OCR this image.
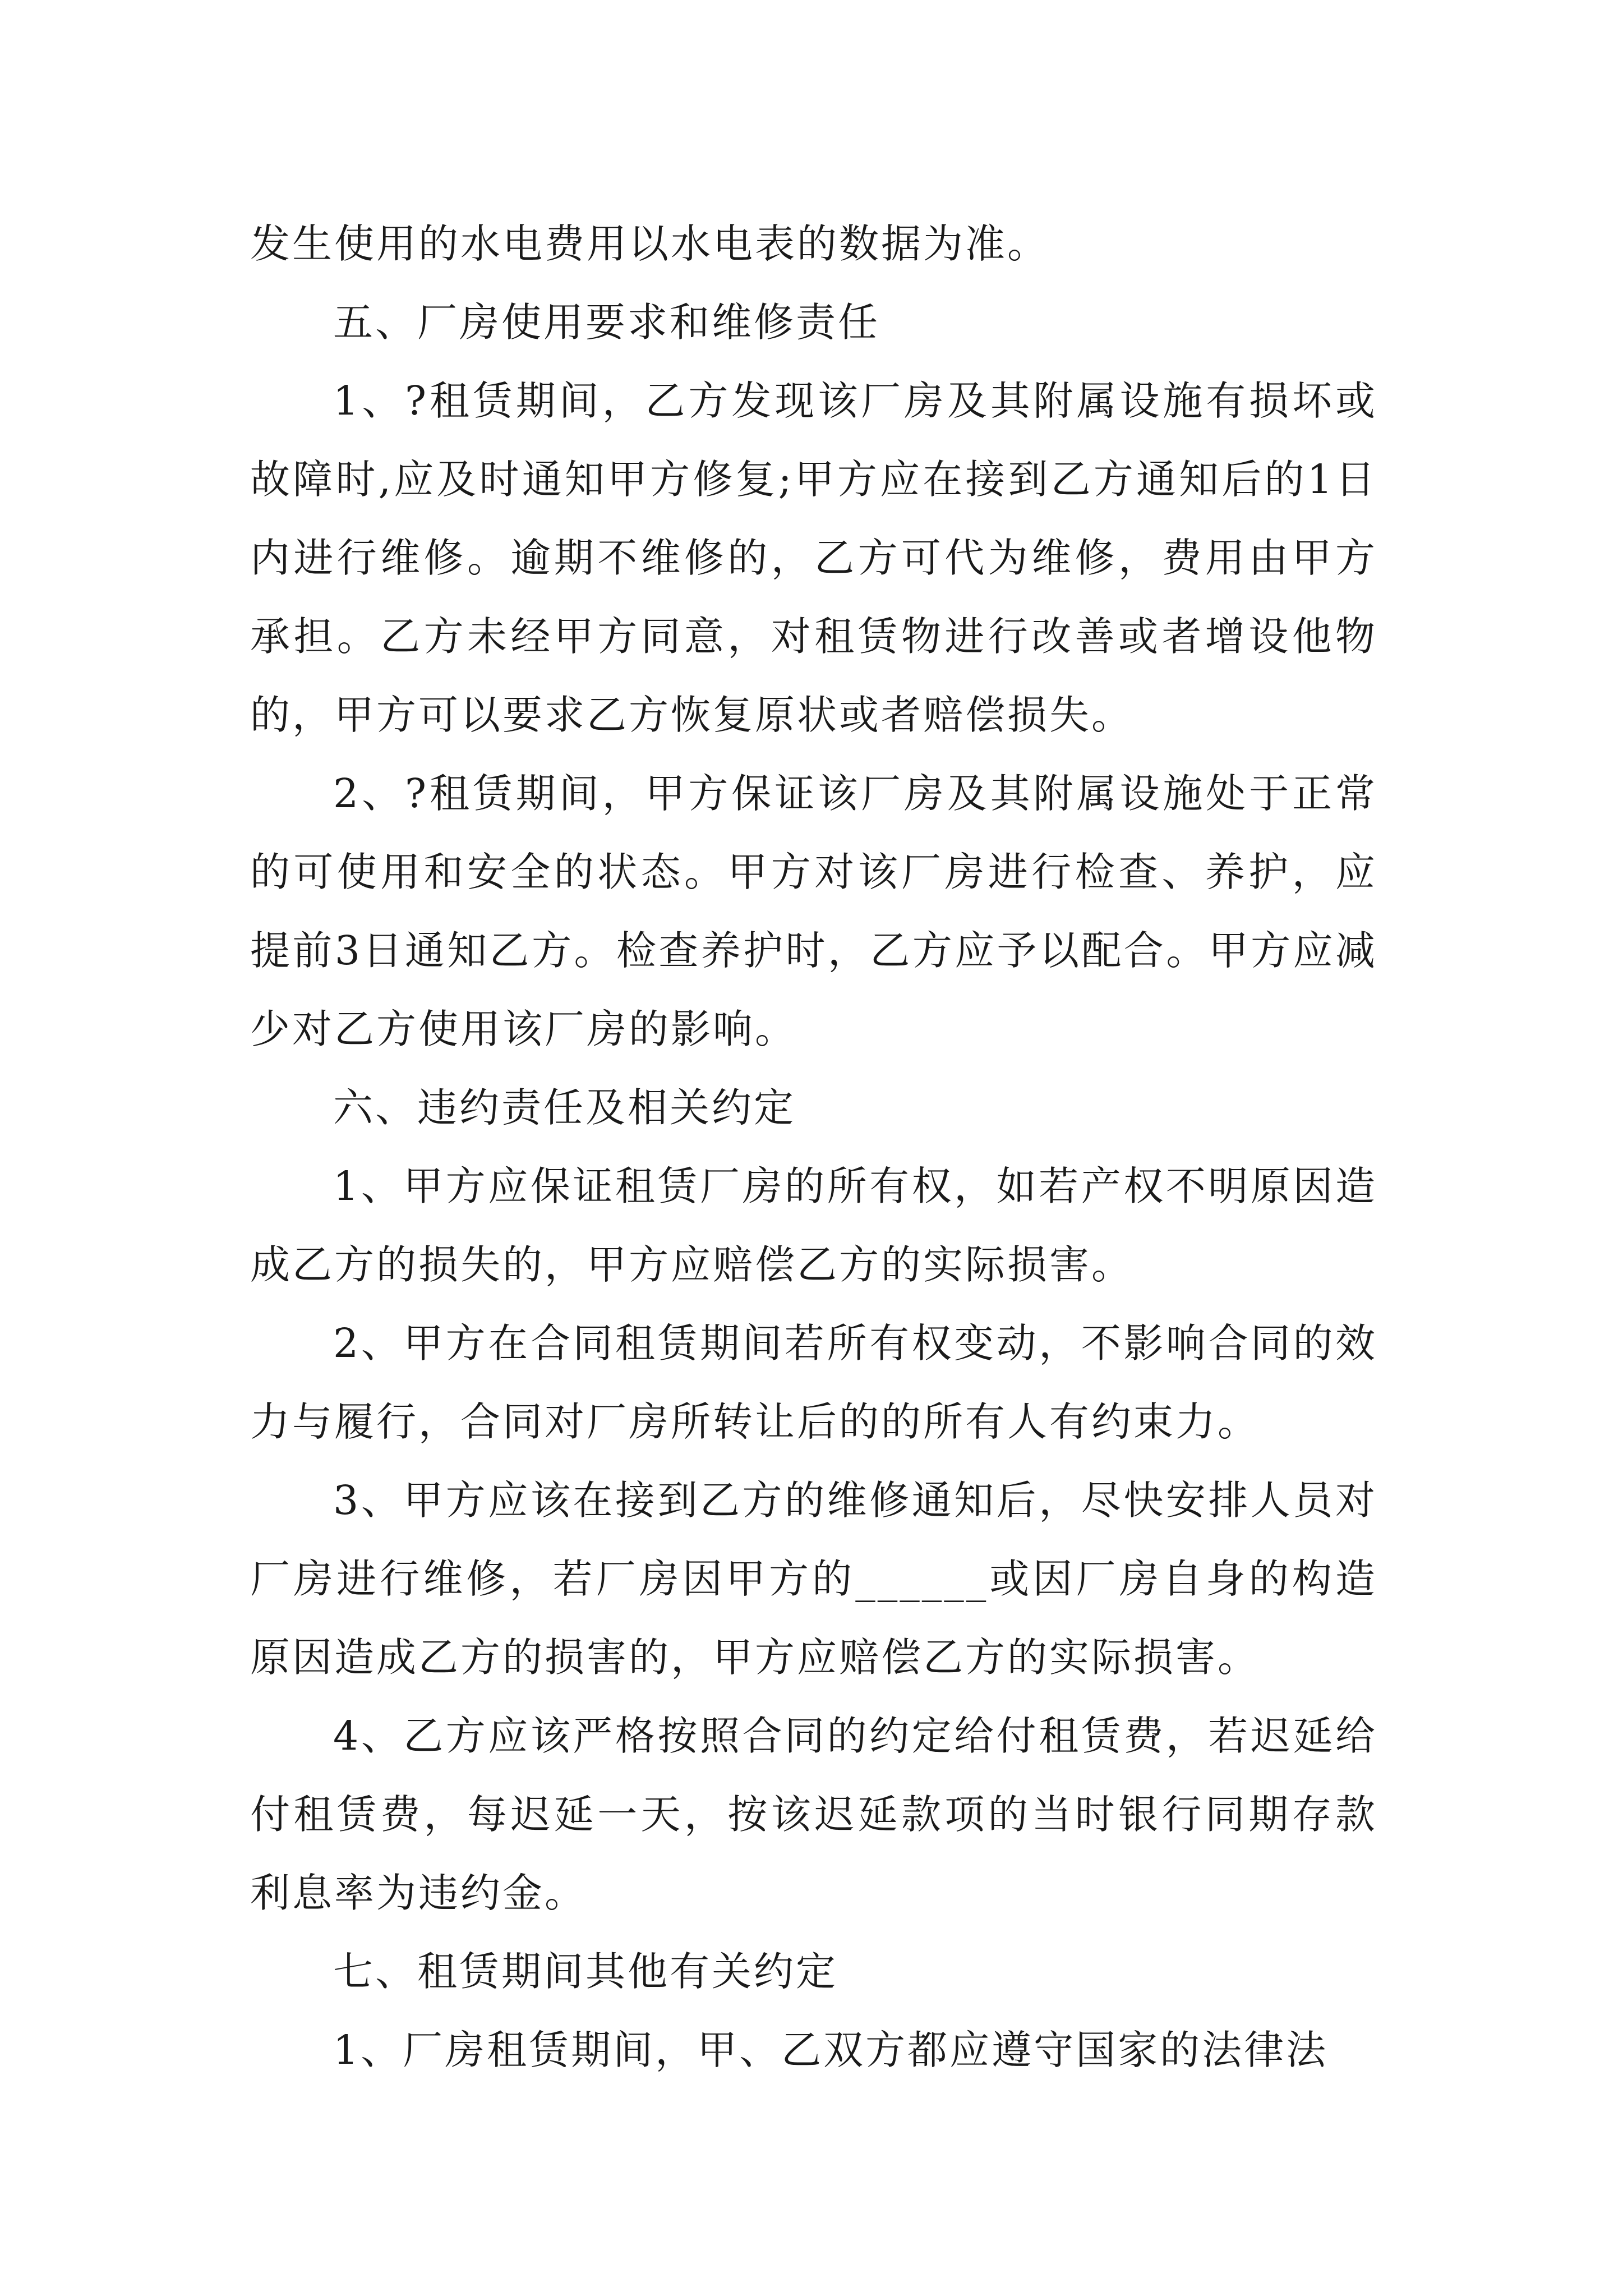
发生使用的水电费用以水电表的数据为准。

五、厂房使用要求和维修责任

1、?租赁期间，乙方发现该厂房及其附属设施有损坏或故障时,应及时通知甲方修复;甲方应在接到乙方通知后的1日内进行维修。逾期不维修的，乙方可代为维修，费用由甲方承担。乙方未经甲方同意，对租赁物进行改善或者增设他物的，甲方可以要求乙方恢复原状或者赔偿损失。

2、?租赁期间，甲方保证该厂房及其附属设施处于正常的可使用和安全的状态。甲方对该厂房进行检查、养护，应提前3日通知乙方。检查养护时，乙方应予以配合。甲方应减少对乙方使用该厂房的影响。

六、违约责任及相关约定

1、甲方应保证租赁厂房的所有权，如若产权不明原因造成乙方的损失的，甲方应赔偿乙方的实际损害。

2、甲方在合同租赁期间若所有权变动，不影响合同的效力与履行，合同对厂房所转让后的的所有人有约束力。

3、甲方应该在接到乙方的维修通知后，尽快安排人员对厂房进行维修，若厂房因甲方的______或因厂房自身的构造原因造成乙方的损害的，甲方应赔偿乙方的实际损害。

4、乙方应该严格按照合同的约定给付租赁费，若迟延给付租赁费，每迟延一天，按该迟延款项的当时银行同期存款利息率为违约金。

七、租赁期间其他有关约定

1、厂房租赁期间，甲、乙双方都应遵守国家的法律法
